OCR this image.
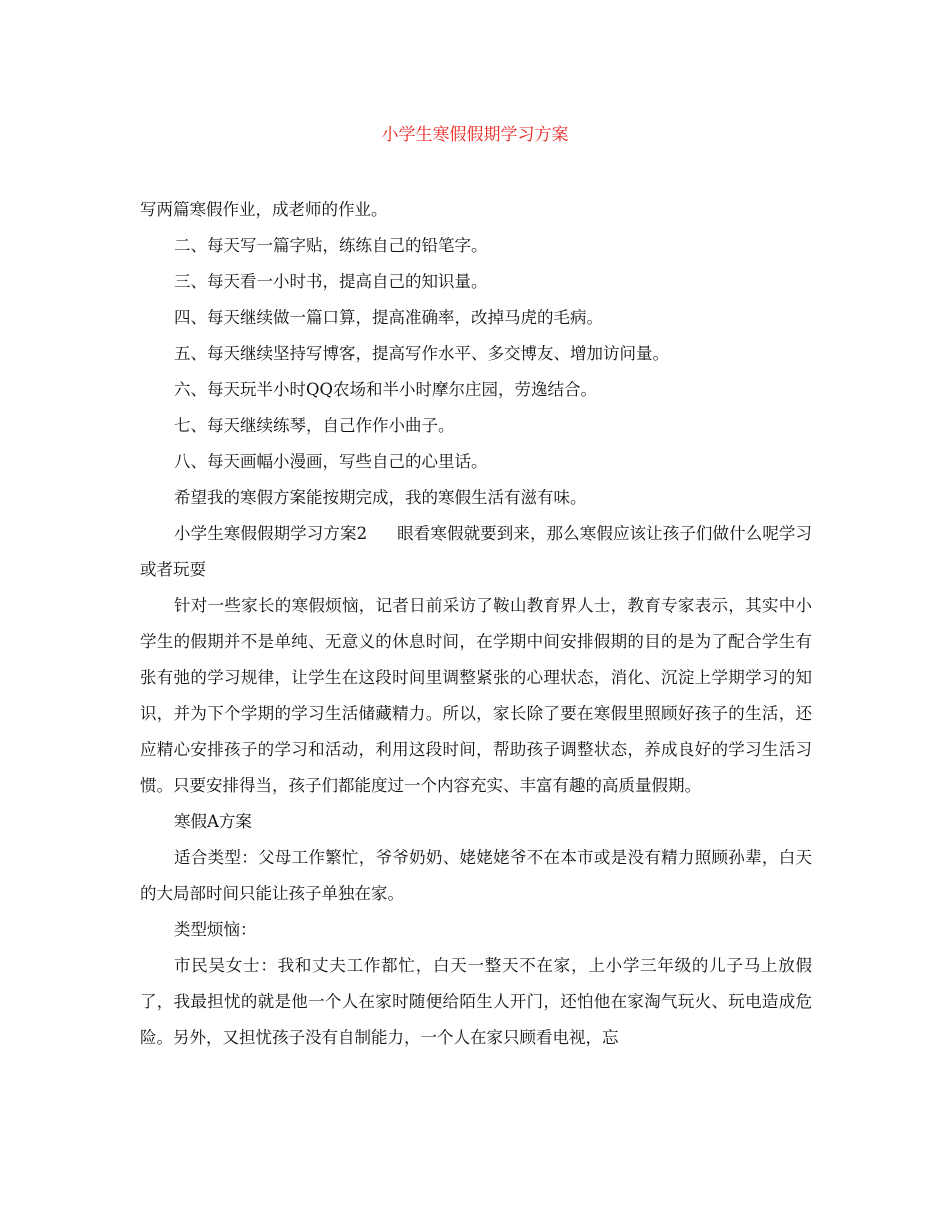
小学生寒假假期学习方案

写两篇寒假作业，成老师的作业。

二、每天写一篇字贴，练练自己的铅笔字。

三、每天看一小时书，提高自己的知识量。

四、每天继续做一篇口算，提高准确率，改掉马虎的毛病。

五、每天继续坚持写博客，提高写作水平、多交博友、增加访问量。

六、每天玩半小时QQ农场和半小时摩尔庄园，劳逸结合。

七、每天继续练琴，自己作作小曲子。

八、每天画幅小漫画，写些自己的心里话。

希望我的寒假方案能按期完成，我的寒假生活有滋有味。

小学生寒假假期学习方案2 眼看寒假就要到来，那么寒假应该让孩子们做什么呢学习或者玩耍

针对一些家长的寒假烦恼，记者日前采访了鞍山教育界人士，教育专家表示，其实中小学生的假期并不是单纯、无意义的休息时间，在学期中间安排假期的目的是为了配合学生有张有弛的学习规律，让学生在这段时间里调整紧张的心理状态，消化、沉淀上学期学习的知识，并为下个学期的学习生活储藏精力。所以，家长除了要在寒假里照顾好孩子的生活，还应精心安排孩子的学习和活动，利用这段时间，帮助孩子调整状态，养成良好的学习生活习惯。只要安排得当，孩子们都能度过一个内容充实、丰富有趣的高质量假期。

寒假A方案

适合类型：父母工作繁忙，爷爷奶奶、姥姥姥爷不在本市或是没有精力照顾孙辈，白天的大局部时间只能让孩子单独在家。

类型烦恼：

市民吴女士：我和丈夫工作都忙，白天一整天不在家，上小学三年级的儿子马上放假了，我最担忧的就是他一个人在家时随便给陌生人开门，还怕他在家淘气玩火、玩电造成危险。另外，又担忧孩子没有自制能力，一个人在家只顾看电视，忘
